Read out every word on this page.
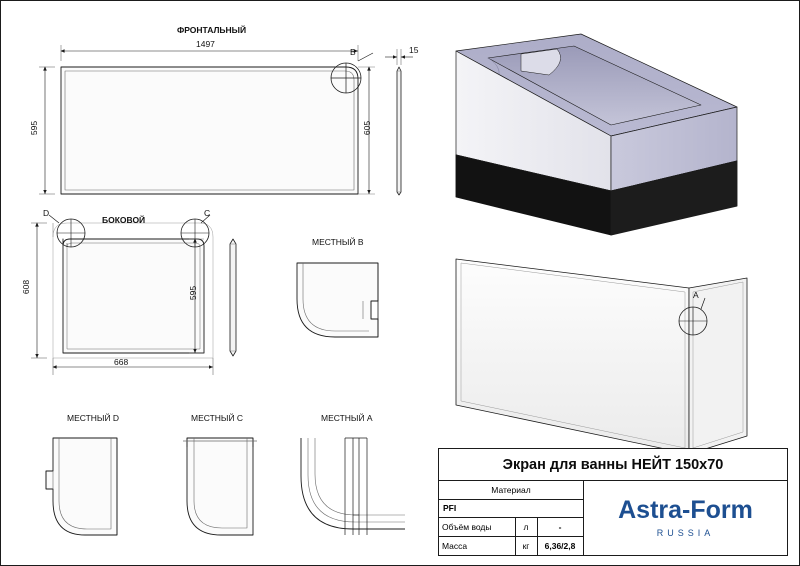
ФРОНТАЛЬНЫЙ
БОКОВОЙ
МЕСТНЫЙ B
МЕСТНЫЙ D	МЕСТНЫЙ C	МЕСТНЫЙ A
B
D	C
A
1497
595	605
15
608	595
668
Экран для ванны НЕЙТ 150х70
Материал
PFI
Объём воды	л	-
Масса	кг	6,36/2,8
Astra-Form
RUSSIA
